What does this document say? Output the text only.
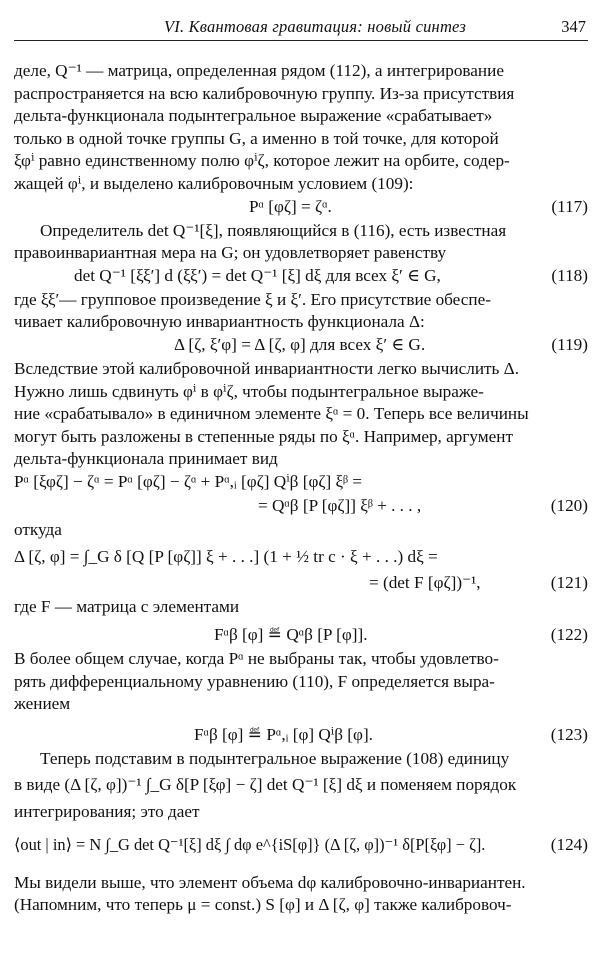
VI. Квантовая гравитация: новый синтез	347

деле, Q⁻¹ — матрица, определенная рядом (112), а интегрирование

распространяется на всю калибровочную группу. Из-за присутствия

дельта-функционала подынтегральное выражение «срабатывает»

только в одной точке группы G, а именно в той точке, для которой

ξφⁱ равно единственному полю φⁱζ, которое лежит на орбите, содер-

жащей φⁱ, и выделено калибровочным условием (109):

Pᵅ [φζ] = ζᵅ.	(117)

Определитель det Q⁻¹[ξ], появляющийся в (116), есть известная

правоинвариантная мера на G; он удовлетворяет равенству

det Q⁻¹ [ξξ′] d (ξξ′) = det Q⁻¹ [ξ] dξ для всех ξ′ ∈ G,	(118)

где ξξ′— групповое произведение ξ и ξ′. Его присутствие обеспе-

чивает калибровочную инвариантность функционала Δ:

Δ [ζ, ξ′φ] = Δ [ζ, φ] для всех ξ′ ∈ G.	(119)

Вследствие этой калибровочной инвариантности легко вычислить Δ.

Нужно лишь сдвинуть φⁱ в φⁱζ, чтобы подынтегральное выраже-

ние «срабатывало» в единичном элементе ξᵅ = 0. Теперь все величины

могут быть разложены в степенные ряды по ξᵅ. Например, аргумент

дельта-функционала принимает вид

Pᵅ [ξφζ] − ζᵅ = Pᵅ [φζ] − ζᵅ + Pᵅ,ᵢ [φζ] Qⁱβ [φζ] ξᵝ =
= Qᵅβ [P [φζ]] ξᵝ + . . . ,	(120)

откуда

Δ [ζ, φ] = ∫_G δ [Q [P [φζ]] ξ + . . .] (1 + ½ tr c · ξ + . . .) dξ =
= (det F [φζ])⁻¹,	(121)

где F — матрица с элементами

Fᵅβ [φ] ≝ Qᵅβ [P [φ]].	(122)

В более общем случае, когда Pᵅ не выбраны так, чтобы удовлетво-

рять дифференциальному уравнению (110), F определяется выра-

жением

Fᵅβ [φ] ≝ Pᵅ,ᵢ [φ] Qⁱβ [φ].	(123)

Теперь подставим в подынтегральное выражение (108) единицу

в виде (Δ [ζ, φ])⁻¹ ∫_G δ[P [ξφ] − ζ] det Q⁻¹ [ξ] dξ и поменяем порядок

интегрирования; это дает

⟨out | in⟩ = N ∫_G det Q⁻¹[ξ] dξ ∫ dφ e^{iS[φ]} (Δ [ζ, φ])⁻¹ δ[P[ξφ] − ζ].	(124)

Мы видели выше, что элемент объема dφ калибровочно-инвариантен.

(Напомним, что теперь μ = const.) S [φ] и Δ [ζ, φ] также калибровоч-
